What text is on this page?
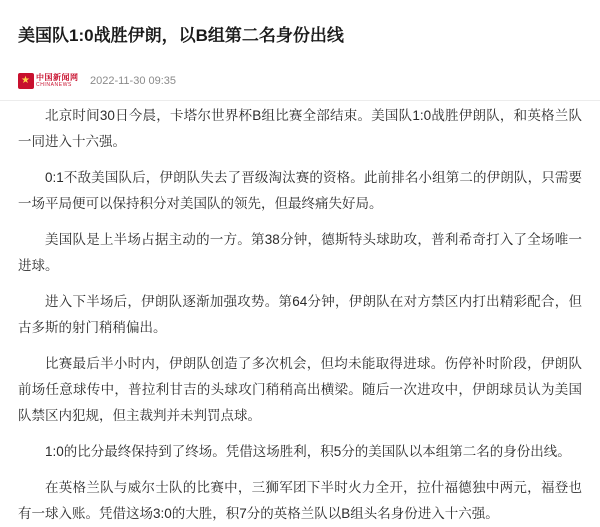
美国队1:0战胜伊朗，以B组第二名身份出线
★
中国新闻网
CHINANEWS	2022-11-30 09:35

北京时间30日今晨，卡塔尔世界杯B组比赛全部结束。美国队1:0战胜伊朗队，和英格兰队一同进入十六强。

0:1不敌美国队后，伊朗队失去了晋级淘汰赛的资格。此前排名小组第二的伊朗队，只需要一场平局便可以保持积分对美国队的领先，但最终痛失好局。

美国队是上半场占据主动的一方。第38分钟，德斯特头球助攻，普利希奇打入了全场唯一进球。

进入下半场后，伊朗队逐渐加强攻势。第64分钟，伊朗队在对方禁区内打出精彩配合，但古多斯的射门稍稍偏出。

比赛最后半小时内，伊朗队创造了多次机会，但均未能取得进球。伤停补时阶段，伊朗队前场任意球传中，普拉利甘吉的头球攻门稍稍高出横梁。随后一次进攻中，伊朗球员认为美国队禁区内犯规，但主裁判并未判罚点球。

1:0的比分最终保持到了终场。凭借这场胜利，积5分的美国队以本组第二名的身份出线。

在英格兰队与威尔士队的比赛中，三狮军团下半时火力全开，拉什福德独中两元，福登也有一球入账。凭借这场3:0的大胜，积7分的英格兰队以B组头名身份进入十六强。
